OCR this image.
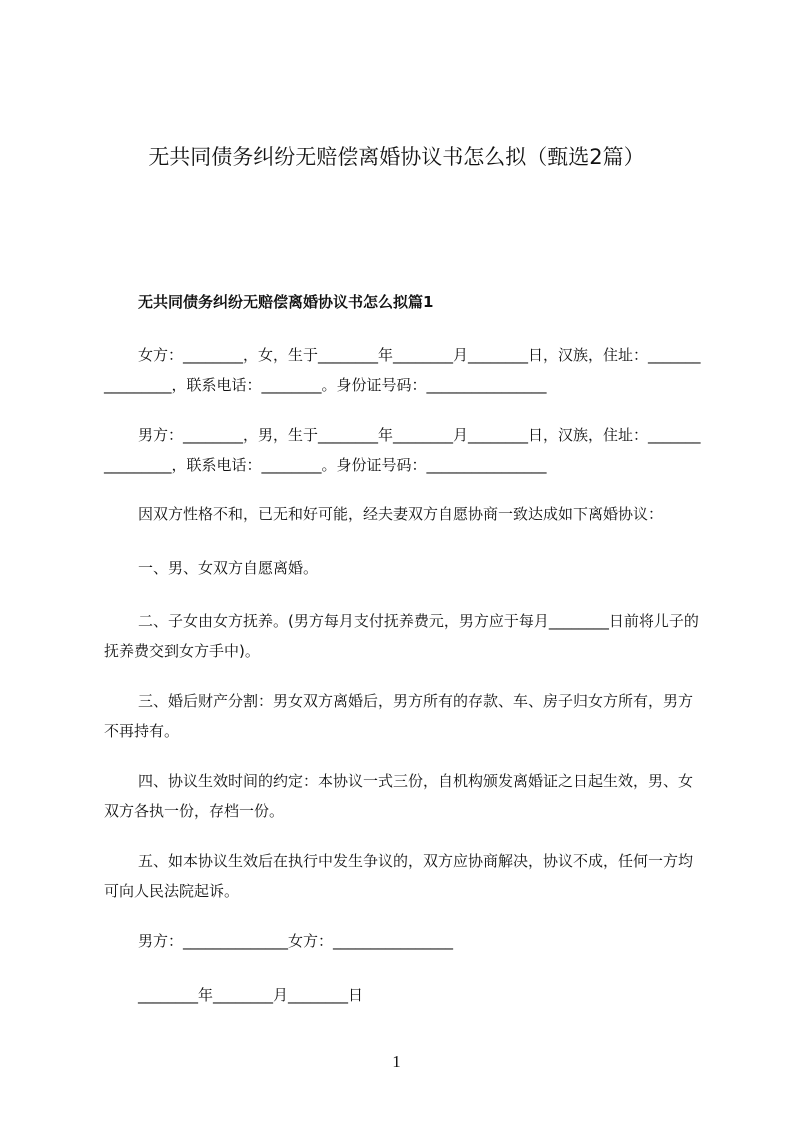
无共同债务纠纷无赔偿离婚协议书怎么拟（甄选2篇）
无共同债务纠纷无赔偿离婚协议书怎么拟篇1

女方：________，女，生于________年________月________日，汉族，住址：________________，联系电话：________。身份证号码：________________

男方：________，男，生于________年________月________日，汉族，住址：________________，联系电话：________。身份证号码：________________

因双方性格不和，已无和好可能，经夫妻双方自愿协商一致达成如下离婚协议：

一、男、女双方自愿离婚。

二、子女由女方抚养。(男方每月支付抚养费元，男方应于每月________日前将儿子的抚养费交到女方手中)。

三、婚后财产分割：男女双方离婚后，男方所有的存款、车、房子归女方所有，男方不再持有。

四、协议生效时间的约定：本协议一式三份，自机构颁发离婚证之日起生效，男、女双方各执一份，存档一份。

五、如本协议生效后在执行中发生争议的，双方应协商解决，协议不成，任何一方均可向人民法院起诉。

男方：______________女方：________________

________年________月________日

1
